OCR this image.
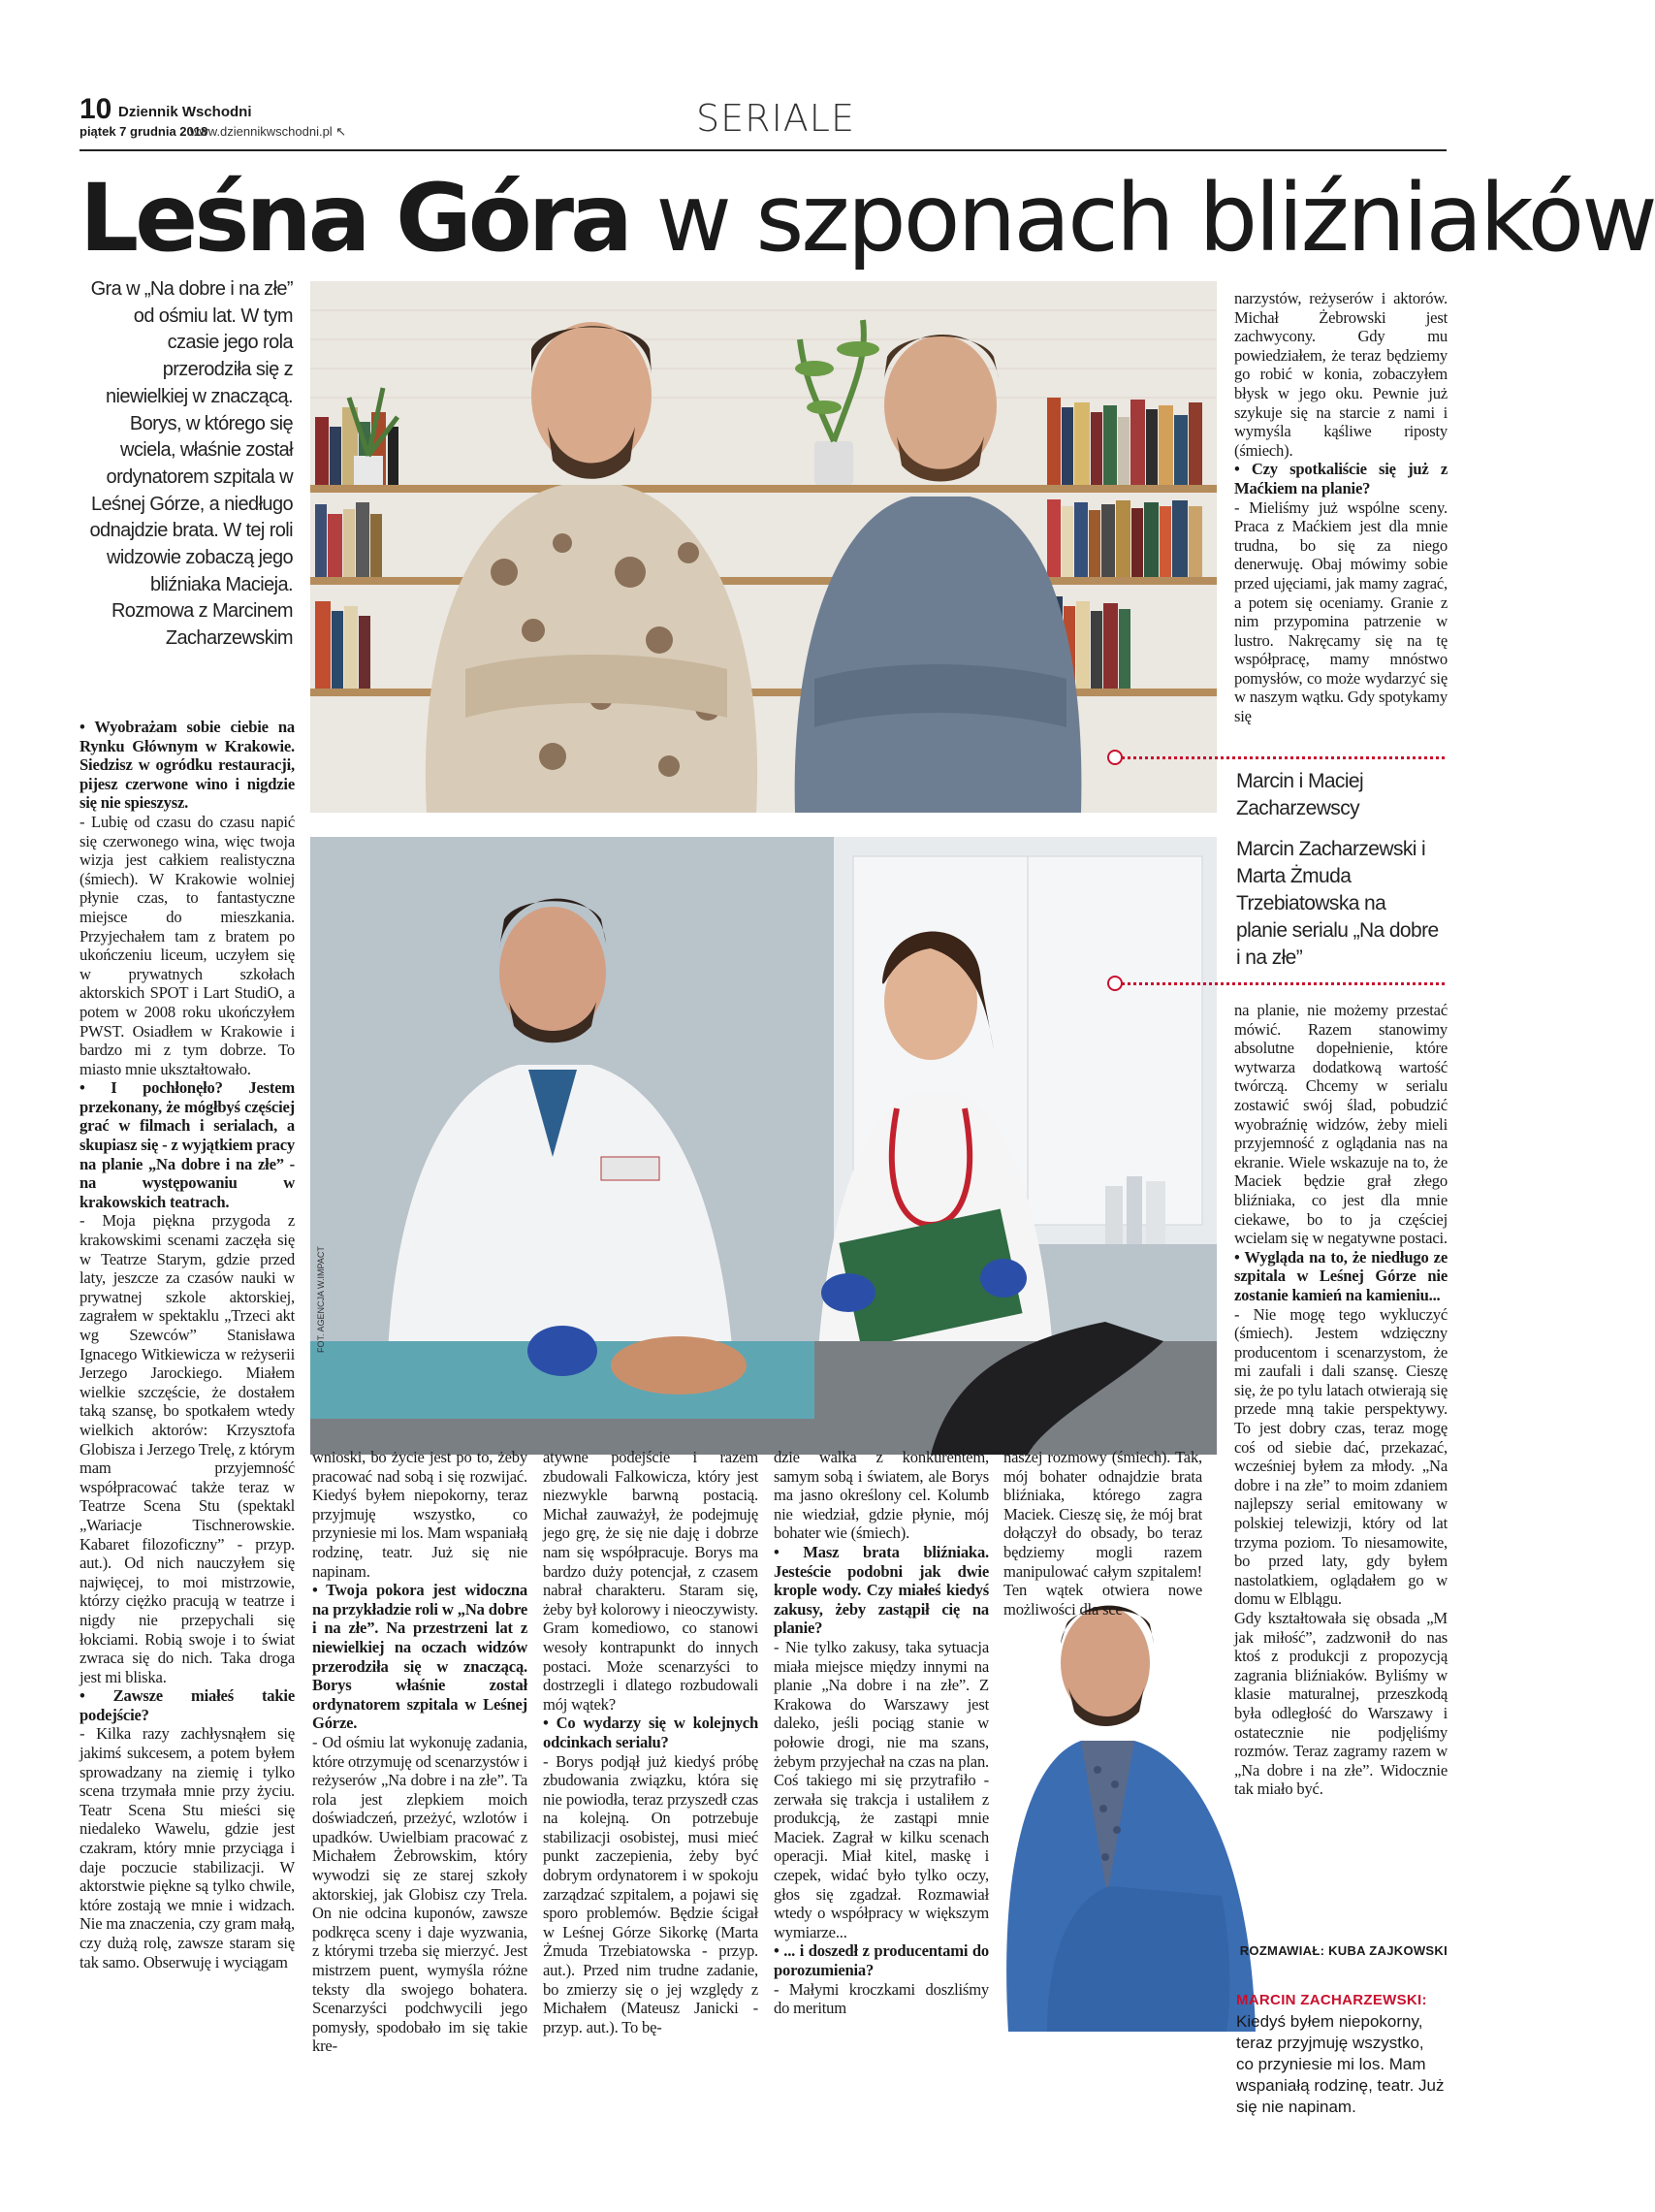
10 Dziennik Wschodni
piątek 7 grudnia 2018
www.dziennikwschodni.pl ↖	SERIALE
Leśna Góra w szponach bliźniaków
Gra w „Na dobre i na złe” od ośmiu lat. W tym czasie jego rola przerodziła się z niewielkiej w znaczącą. Borys, w którego się wciela, właśnie został ordynatorem szpitala w Leśnej Górze, a niedługo odnajdzie brata. W tej roli widzowie zobaczą jego bliźniaka Macieja. Rozmowa z Marcinem Zacharzewskim
Marcin i Maciej Zacharzewscy
FOT. AGENCJA W.IMPACT
Marcin Zacharzewski i Marta Żmuda Trzebiatowska na planie serialu „Na dobre i na złe”

• Wyobrażam sobie ciebie na Rynku Głównym w Krakowie. Siedzisz w ogródku restauracji, pijesz czerwone wino i nigdzie się nie spieszysz.

- Lubię od czasu do czasu napić się czerwonego wina, więc twoja wizja jest całkiem realistyczna (śmiech). W Krakowie wolniej płynie czas, to fantastyczne miejsce do mieszkania. Przyjechałem tam z bratem po ukończeniu liceum, uczyłem się w prywatnych szkołach aktorskich SPOT i Lart StudiO, a potem w 2008 roku ukończyłem PWST. Osiadłem w Krakowie i bardzo mi z tym dobrze. To miasto mnie ukształtowało.

• I pochłonęło? Jestem przekonany, że mógłbyś częściej grać w filmach i serialach, a skupiasz się - z wyjątkiem pracy na planie „Na dobre i na złe” - na występowaniu w krakowskich teatrach.

- Moja piękna przygoda z krakowskimi scenami zaczęła się w Teatrze Starym, gdzie przed laty, jeszcze za czasów nauki w prywatnej szkole aktorskiej, zagrałem w spektaklu „Trzeci akt wg Szewców” Stanisława Ignacego Witkiewicza w reżyserii Jerzego Jarockiego. Miałem wielkie szczęście, że dostałem taką szansę, bo spotkałem wtedy wielkich aktorów: Krzysztofa Globisza i Jerzego Trelę, z którym mam przyjemność współpracować także teraz w Teatrze Scena Stu (spektakl „Wariacje Tischnerowskie. Kabaret filozoficzny” - przyp. aut.). Od nich nauczyłem się najwięcej, to moi mistrzowie, którzy ciężko pracują w teatrze i nigdy nie przepychali się łokciami. Robią swoje i to świat zwraca się do nich. Taka droga jest mi bliska.

• Zawsze miałeś takie podejście?

- Kilka razy zachłysnąłem się jakimś sukcesem, a potem byłem sprowadzany na ziemię i tylko scena trzymała mnie przy życiu. Teatr Scena Stu mieści się niedaleko Wawelu, gdzie jest czakram, który mnie przyciąga i daje poczucie stabilizacji. W aktorstwie piękne są tylko chwile, które zostają we mnie i widzach. Nie ma znaczenia, czy gram małą, czy dużą rolę, zawsze staram się tak samo. Obserwuję i wyciągam

wnioski, bo życie jest po to, żeby pracować nad sobą i się rozwijać. Kiedyś byłem niepokorny, teraz przyjmuję wszystko, co przyniesie mi los. Mam wspaniałą rodzinę, teatr. Już się nie napinam.

• Twoja pokora jest widoczna na przykładzie roli w „Na dobre i na złe”. Na przestrzeni lat z niewielkiej na oczach widzów przerodziła się w znaczącą. Borys właśnie został ordynatorem szpitala w Leśnej Górze.

- Od ośmiu lat wykonuję zadania, które otrzymuję od scenarzystów i reżyserów „Na dobre i na złe”. Ta rola jest zlepkiem moich doświadczeń, przeżyć, wzlotów i upadków. Uwielbiam pracować z Michałem Żebrowskim, który wywodzi się ze starej szkoły aktorskiej, jak Globisz czy Trela. On nie odcina kuponów, zawsze podkręca sceny i daje wyzwania, z którymi trzeba się mierzyć. Jest mistrzem puent, wymyśla różne teksty dla swojego bohatera. Scenarzyści podchwycili jego pomysły, spodobało im się takie kre-

atywne podejście i razem zbudowali Falkowicza, który jest niezwykle barwną postacią. Michał zauważył, że podejmuję jego grę, że się nie daję i dobrze nam się współpracuje. Borys ma bardzo duży potencjał, z czasem nabrał charakteru. Staram się, żeby był kolorowy i nieoczywisty. Gram komediowo, co stanowi wesoły kontrapunkt do innych postaci. Może scenarzyści to dostrzegli i dlatego rozbudowali mój wątek?

• Co wydarzy się w kolejnych odcinkach serialu?

- Borys podjął już kiedyś próbę zbudowania związku, która się nie powiodła, teraz przyszedł czas na kolejną. On potrzebuje stabilizacji osobistej, musi mieć punkt zaczepienia, żeby być dobrym ordynatorem i w spokoju zarządzać szpitalem, a pojawi się sporo problemów. Będzie ścigał w Leśnej Górze Sikorkę (Marta Żmuda Trzebiatowska - przyp. aut.). Przed nim trudne zadanie, bo zmierzy się o jej względy z Michałem (Mateusz Janicki - przyp. aut.). To bę-

dzie walka z konkurentem, samym sobą i światem, ale Borys ma jasno określony cel. Kolumb nie wiedział, gdzie płynie, mój bohater wie (śmiech).

• Masz brata bliźniaka. Jesteście podobni jak dwie krople wody. Czy miałeś kiedyś zakusy, żeby zastąpił cię na planie?

- Nie tylko zakusy, taka sytuacja miała miejsce między innymi na planie „Na dobre i na złe”. Z Krakowa do Warszawy jest daleko, jeśli pociąg stanie w połowie drogi, nie ma szans, żebym przyjechał na czas na plan. Coś takiego mi się przytrafiło - zerwała się trakcja i ustaliłem z produkcją, że zastąpi mnie Maciek. Zagrał w kilku scenach operacji. Miał kitel, maskę i czepek, widać było tylko oczy, głos się zgadzał. Rozmawiał wtedy o współpracy w większym wymiarze...

• ... i doszedł z producentami do porozumienia?

- Małymi kroczkami doszliśmy do meritum

naszej rozmowy (śmiech). Tak, mój bohater odnajdzie brata bliźniaka, którego zagra Maciek. Cieszę się, że mój brat dołączył do obsady, bo teraz będziemy mogli razem manipulować całym szpitalem! Ten wątek otwiera nowe możliwości dla sce-

narzystów, reżyserów i aktorów. Michał Żebrowski jest zachwycony. Gdy mu powiedziałem, że teraz będziemy go robić w konia, zobaczyłem błysk w jego oku. Pewnie już szykuje się na starcie z nami i wymyśla kąśliwe riposty (śmiech).

• Czy spotkaliście się już z Maćkiem na planie?

- Mieliśmy już wspólne sceny. Praca z Maćkiem jest dla mnie trudna, bo się za niego denerwuję. Obaj mówimy sobie przed ujęciami, jak mamy zagrać, a potem się oceniamy. Granie z nim przypomina patrzenie w lustro. Nakręcamy się na tę współpracę, mamy mnóstwo pomysłów, co może wydarzyć się w naszym wątku. Gdy spotykamy się

na planie, nie możemy przestać mówić. Razem stanowimy absolutne dopełnienie, które wytwarza dodatkową wartość twórczą. Chcemy w serialu zostawić swój ślad, pobudzić wyobraźnię widzów, żeby mieli przyjemność z oglądania nas na ekranie. Wiele wskazuje na to, że Maciek będzie grał złego bliźniaka, co jest dla mnie ciekawe, bo to ja częściej wcielam się w negatywne postaci.

• Wygląda na to, że niedługo ze szpitala w Leśnej Górze nie zostanie kamień na kamieniu...

- Nie mogę tego wykluczyć (śmiech). Jestem wdzięczny producentom i scenarzystom, że mi zaufali i dali szansę. Cieszę się, że po tylu latach otwierają się przede mną takie perspektywy. To jest dobry czas, teraz mogę coś od siebie dać, przekazać, wcześniej byłem za młody. „Na dobre i na złe” to moim zdaniem najlepszy serial emitowany w polskiej telewizji, który od lat trzyma poziom. To niesamowite, bo przed laty, gdy byłem nastolatkiem, oglądałem go w domu w Elblągu.

Gdy kształtowała się obsada „M jak miłość”, zadzwonił do nas ktoś z produkcji z propozycją zagrania bliźniaków. Byliśmy w klasie maturalnej, przeszkodą była odległość do Warszawy i ostatecznie nie podjęliśmy rozmów. Teraz zagramy razem w „Na dobre i na złe”. Widocznie tak miało być.

ROZMAWIAŁ: KUBA ZAJKOWSKI
MARCIN ZACHARZEWSKI:
Kiedyś byłem niepokorny, teraz przyjmuję wszystko, co przyniesie mi los. Mam wspaniałą rodzinę, teatr. Już się nie napinam.
